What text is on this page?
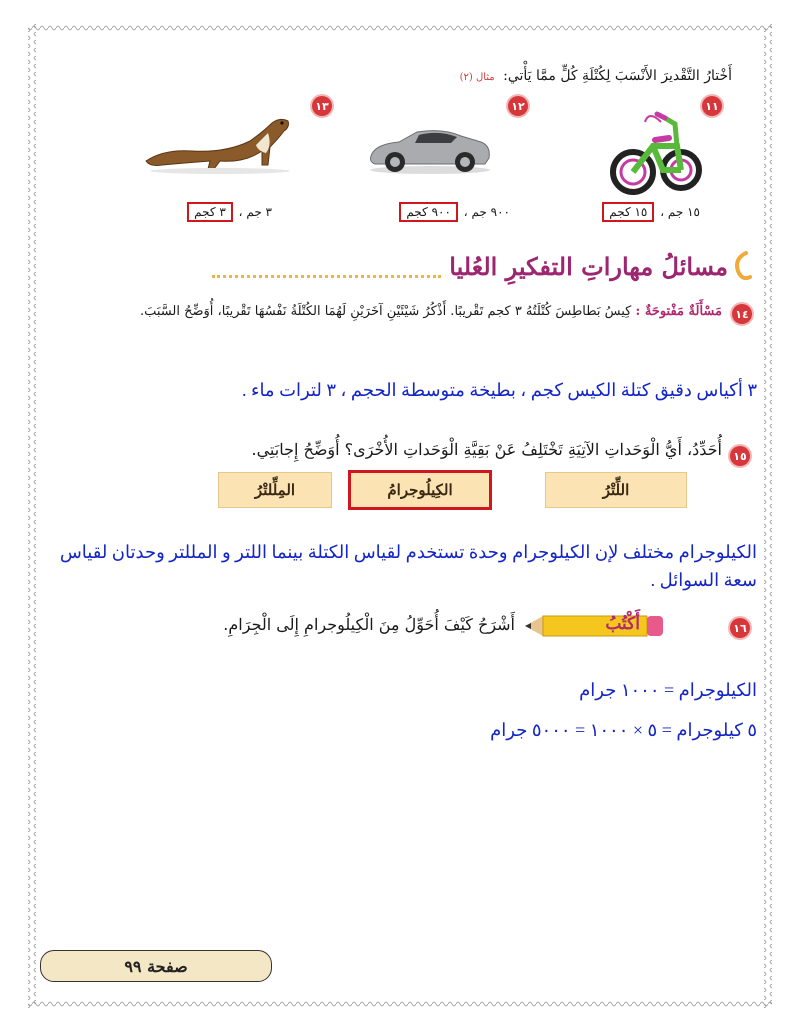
أَخْتارُ التَّقْديرَ الأَنْسَبَ لِكُتْلَةِ كُلٍّ ممَّا يَأْتي: مثال (٢)
١١
١٢
١٣
١٥ جم ، ١٥ كجم
٩٠٠ جم ، ٩٠٠ كجم
٣ جم ، ٣ كجم
مسائلُ مهاراتِ التفكيرِ العُليا
١٤
مَسْأَلَةٌ مَفْتوحَةٌ : كِيسُ بَطاطِسَ كُتْلَتُهُ ٣ كجم تَقْريبًا. أَذْكُرُ شَيْئَيْنِ آخَرَيْنِ لَهُمَا الكُتْلَةُ نَفْسُهَا تَقْريبًا، أُوَضِّحُ السَّبَبَ.
٣ أكياس دقيق كتلة الكيس كجم ، بطيخة متوسطة الحجم ، ٣ لترات ماء .
١٥
أُحَدِّدُ، أَيُّ الْوَحَداتِ الآتِيَةِ تَخْتَلِفُ عَنْ بَقِيَّةِ الْوَحَداتِ الأُخْرَى؟ أُوَضِّحُ إِجابَتِي.
اللِّتْرُ
الكِيلُوجرامُ
المِلِّلتْرُ
الكيلوجرام مختلف لإن الكيلوجرام وحدة تستخدم لقياس الكتلة بينما اللتر و المللتر وحدتان لقياس سعة السوائل .
١٦
أَكْتُبُ
أَشْرَحُ كَيْفَ أُحَوِّلُ مِنَ الْكِيلُوجرامِ إِلَى الْجِرَامِ.
الكيلوجرام = ١٠٠٠ جرام
٥ كيلوجرام = ٥ × ١٠٠٠ = ٥٠٠٠ جرام
صفحة ٩٩
